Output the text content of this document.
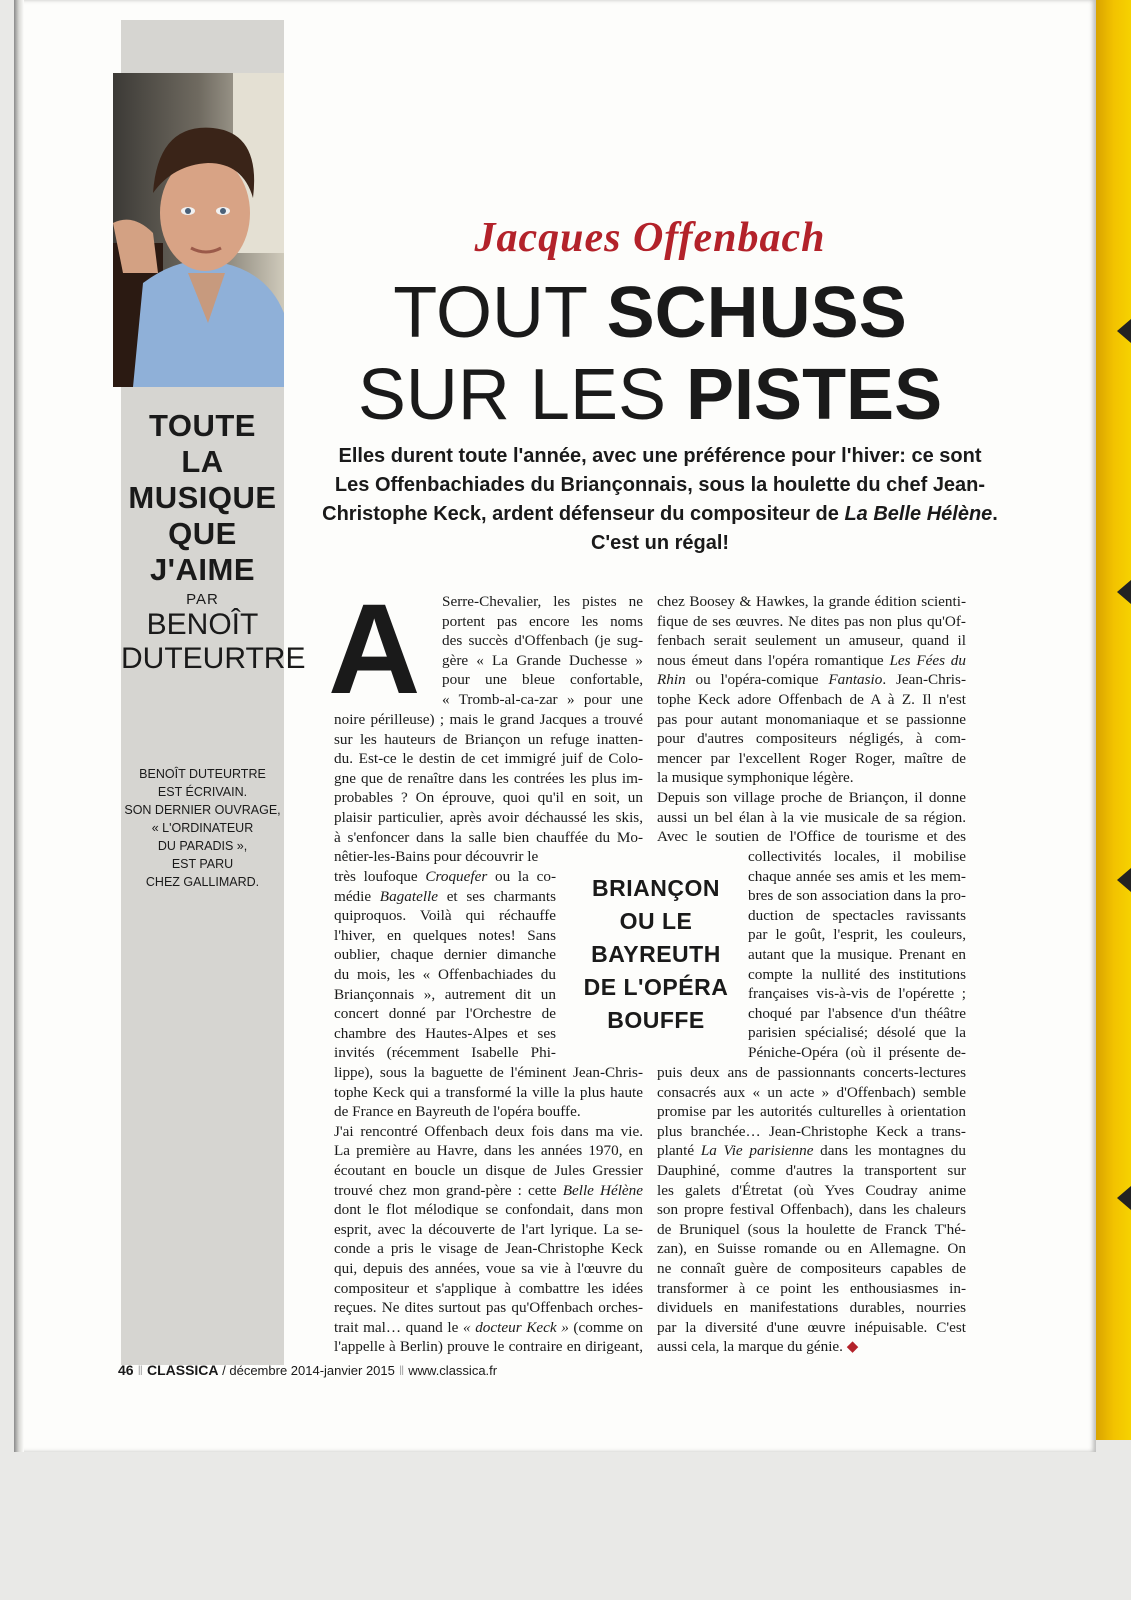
TOUTE
LA
MUSIQUE
QUE
J'AIME
PAR
BENOÎT
DUTEURTRE
BENOÎT DUTEURTRE
EST ÉCRIVAIN.
SON DERNIER OUVRAGE,
« L'ORDINATEUR
DU PARADIS »,
EST PARU
CHEZ GALLIMARD.
Jacques Offenbach
TOUT SCHUSS
SUR LES PISTES
Elles durent toute l'année, avec une préférence pour l'hiver: ce sont Les Offenbachiades du Briançonnais, sous la houlette du chef Jean-Christophe Keck, ardent défenseur du compositeur de La Belle Hélène. C'est un régal!
A	Serre-Chevalier, les pistes ne
portent pas encore les noms
des succès d'Offenbach (je sug-
gère « La Grande Duchesse »
pour une bleue confortable,
« Tromb-al-ca-zar » pour une
noire périlleuse) ; mais le grand Jacques a trouvé
sur les hauteurs de Briançon un refuge inatten-
du. Est-ce le destin de cet immigré juif de Colo-
gne que de renaître dans les contrées les plus im-
probables ? On éprouve, quoi qu'il en soit, un
plaisir particulier, après avoir déchaussé les skis,
à s'enfoncer dans la salle bien chauffée du Mo-
nêtier-les-Bains pour découvrir le
très loufoque Croquefer ou la co-
médie Bagatelle et ses charmants
quiproquos. Voilà qui réchauffe
l'hiver, en quelques notes! Sans
oublier, chaque dernier dimanche
du mois, les « Offenbachiades du
Briançonnais », autrement dit un
concert donné par l'Orchestre de
chambre des Hautes-Alpes et ses
invités (récemment Isabelle Phi-
lippe), sous la baguette de l'éminent Jean-Chris-
tophe Keck qui a transformé la ville la plus haute
de France en Bayreuth de l'opéra bouffe.
J'ai rencontré Offenbach deux fois dans ma vie.
La première au Havre, dans les années 1970, en
écoutant en boucle un disque de Jules Gressier
trouvé chez mon grand-père : cette Belle Hélène
dont le flot mélodique se confondait, dans mon
esprit, avec la découverte de l'art lyrique. La se-
conde a pris le visage de Jean-Christophe Keck
qui, depuis des années, voue sa vie à l'œuvre du
compositeur et s'applique à combattre les idées
reçues. Ne dites surtout pas qu'Offenbach orches-
trait mal… quand le « docteur Keck » (comme on
l'appelle à Berlin) prouve le contraire en dirigeant,
BRIANÇON
OU LE
BAYREUTH
DE L'OPÉRA
BOUFFE
chez Boosey & Hawkes, la grande édition scienti-
fique de ses œuvres. Ne dites pas non plus qu'Of-
fenbach serait seulement un amuseur, quand il
nous émeut dans l'opéra romantique Les Fées du
Rhin ou l'opéra-comique Fantasio. Jean-Chris-
tophe Keck adore Offenbach de A à Z. Il n'est
pas pour autant monomaniaque et se passionne
pour d'autres compositeurs négligés, à com-
mencer par l'excellent Roger Roger, maître de
la musique symphonique légère.
Depuis son village proche de Briançon, il donne
aussi un bel élan à la vie musicale de sa région.
Avec le soutien de l'Office de tourisme et des
collectivités locales, il mobilise
chaque année ses amis et les mem-
bres de son association dans la pro-
duction de spectacles ravissants
par le goût, l'esprit, les couleurs,
autant que la musique. Prenant en
compte la nullité des institutions
françaises vis-à-vis de l'opérette ;
choqué par l'absence d'un théâtre
parisien spécialisé; désolé que la
Péniche-Opéra (où il présente de-
puis deux ans de passionnants concerts-lectures
consacrés aux « un acte » d'Offenbach) semble
promise par les autorités culturelles à orientation
plus branchée… Jean-Christophe Keck a trans-
planté La Vie parisienne dans les montagnes du
Dauphiné, comme d'autres la transportent sur
les galets d'Étretat (où Yves Coudray anime
son propre festival Offenbach), dans les chaleurs
de Bruniquel (sous la houlette de Franck T'hé-
zan), en Suisse romande ou en Allemagne. On
ne connaît guère de compositeurs capables de
transformer à ce point les enthousiasmes in-
dividuels en manifestations durables, nourries
par la diversité d'une œuvre inépuisable. C'est
aussi cela, la marque du génie. ◆
46 ‖ CLASSICA / décembre 2014-janvier 2015 ‖ www.classica.fr
